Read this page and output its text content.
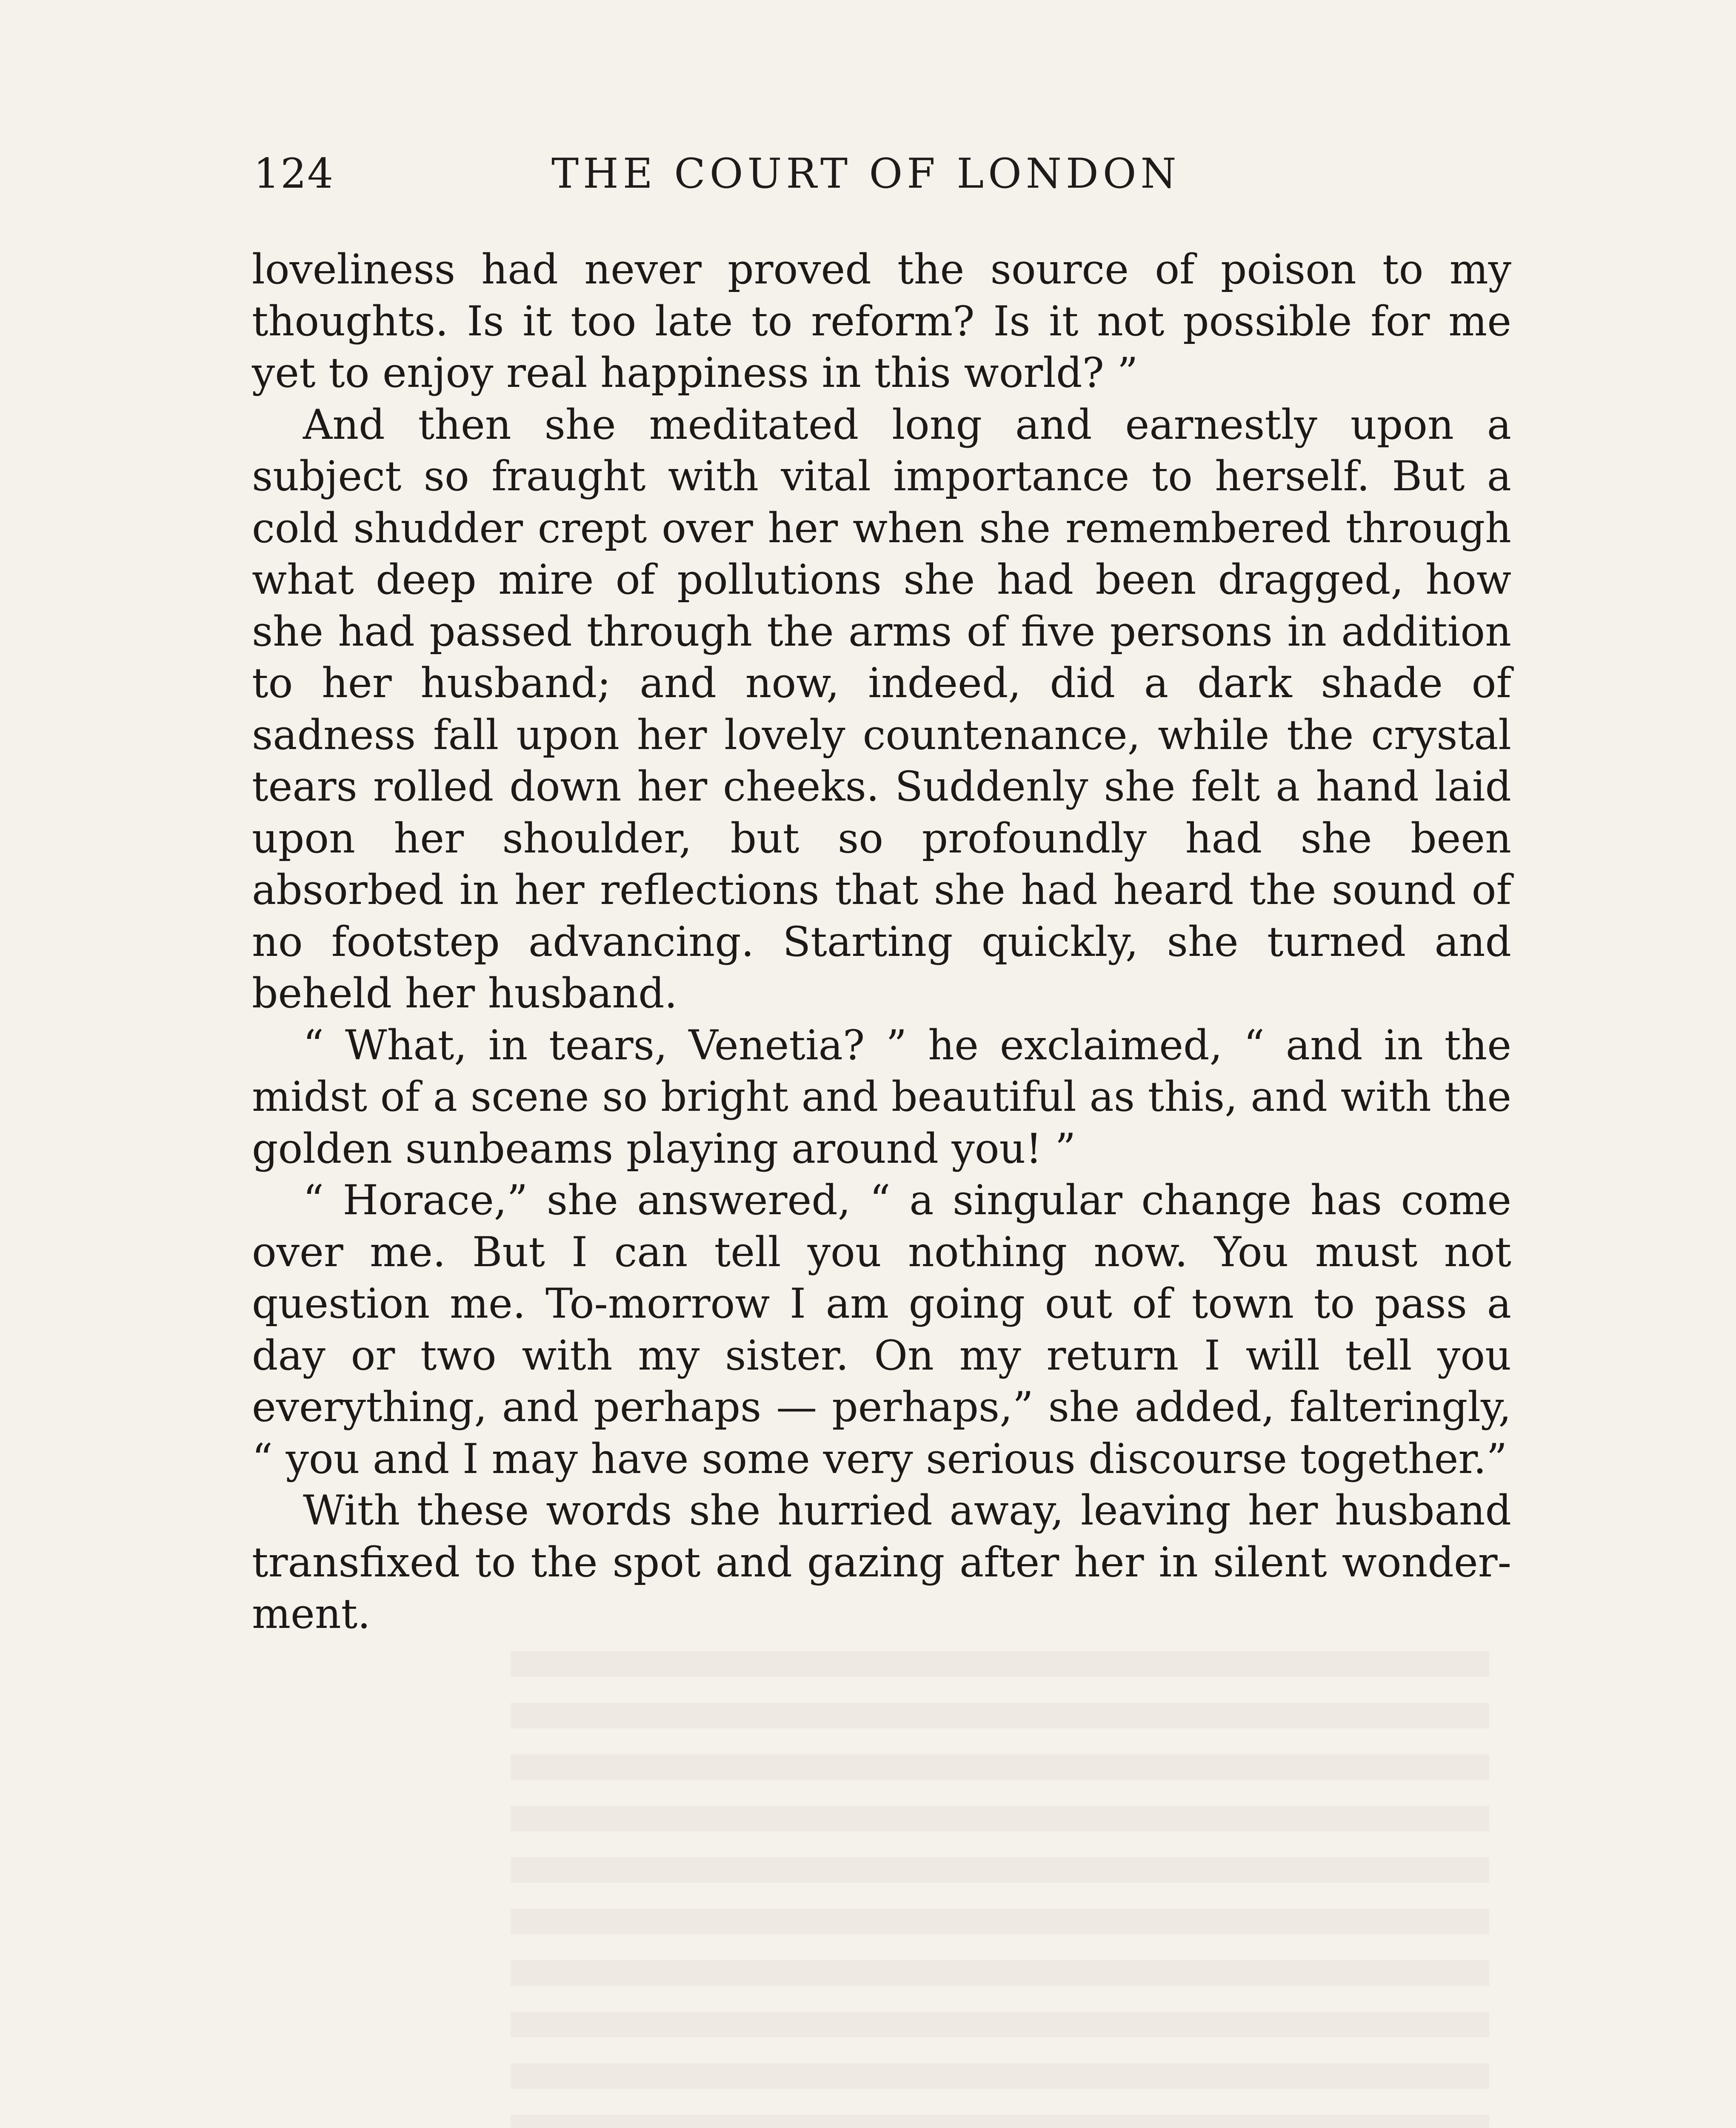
124	THE COURT OF LONDON

loveliness had never proved the source of poison to my thoughts. Is it too late to reform? Is it not possible for me yet to enjoy real happiness in this world? ”

And then she meditated long and earnestly upon a subject so fraught with vital importance to herself. But a cold shudder crept over her when she remembered through what deep mire of pollutions she had been dragged, how she had passed through the arms of five persons in addition to her husband; and now, indeed, did a dark shade of sadness fall upon her lovely countenance, while the crystal tears rolled down her cheeks. Suddenly she felt a hand laid upon her shoulder, but so profoundly had she been absorbed in her reflections that she had heard the sound of no footstep advancing. Starting quickly, she turned and beheld her husband.

“ What, in tears, Venetia? ” he exclaimed, “ and in the midst of a scene so bright and beautiful as this, and with the golden sunbeams playing around you! ”

“ Horace,” she answered, “ a singular change has come over me. But I can tell you nothing now. You must not question me. To-morrow I am going out of town to pass a day or two with my sister. On my return I will tell you everything, and perhaps — perhaps,” she added, falteringly, “ you and I may have some very serious discourse together.”

With these words she hurried away, leaving her husband transfixed to the spot and gazing after her in silent wonderment.
